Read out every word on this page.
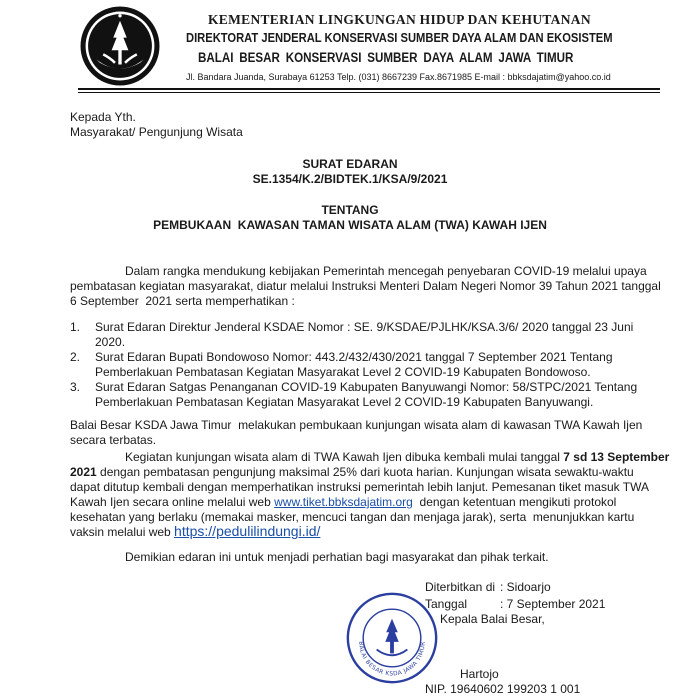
KEMENTERIAN LINGKUNGAN HIDUP DAN KEHUTANAN
DIREKTORAT JENDERAL KONSERVASI SUMBER DAYA ALAM DAN EKOSISTEM
BALAI BESAR KONSERVASI SUMBER DAYA ALAM JAWA TIMUR
Jl. Bandara Juanda, Surabaya 61253 Telp. (031) 8667239 Fax.8671985 E-mail : bbksdajatim@yahoo.co.id
Kepada Yth.
Masyarakat/ Pengunjung Wisata
SURAT EDARAN
SE.1354/K.2/BIDTEK.1/KSA/9/2021
TENTANG
PEMBUKAAN  KAWASAN TAMAN WISATA ALAM (TWA) KAWAH IJEN
Dalam rangka mendukung kebijakan Pemerintah mencegah penyebaran COVID-19 melalui upaya
pembatasan kegiatan masyarakat, diatur melalui Instruksi Menteri Dalam Negeri Nomor 39 Tahun 2021 tanggal
6 September  2021 serta memperhatikan :
1. Surat Edaran Direktur Jenderal KSDAE Nomor : SE. 9/KSDAE/PJLHK/KSA.3/6/ 2020 tanggal 23 Juni
2020.
2. Surat Edaran Bupati Bondowoso Nomor: 443.2/432/430/2021 tanggal 7 September 2021 Tentang
Pemberlakuan Pembatasan Kegiatan Masyarakat Level 2 COVID-19 Kabupaten Bondowoso.
3. Surat Edaran Satgas Penanganan COVID-19 Kabupaten Banyuwangi Nomor: 58/STPC/2021 Tentang
Pemberlakuan Pembatasan Kegiatan Masyarakat Level 2 COVID-19 Kabupaten Banyuwangi.
Balai Besar KSDA Jawa Timur  melakukan pembukaan kunjungan wisata alam di kawasan TWA Kawah Ijen
secara terbatas.
Kegiatan kunjungan wisata alam di TWA Kawah Ijen dibuka kembali mulai tanggal 7 sd 13 September
2021 dengan pembatasan pengunjung maksimal 25% dari kuota harian. Kunjungan wisata sewaktu-waktu
dapat ditutup kembali dengan memperhatikan instruksi pemerintah lebih lanjut. Pemesanan tiket masuk TWA
Kawah Ijen secara online melalui web www.tiket.bbksdajatim.org  dengan ketentuan mengikuti protokol
kesehatan yang berlaku (memakai masker, mencuci tangan dan menjaga jarak), serta  menunjukkan kartu
vaksin melalui web https://pedulilindungi.id/
Demikian edaran ini untuk menjadi perhatian bagi masyarakat dan pihak terkait.
BALAI BESAR KSDA JAWA TIMUR
Diterbitkan di : Sidoarjo
Tanggal	: 7 September 2021
Kepala Balai Besar,
Hartojo
NIP. 19640602 199203 1 001
